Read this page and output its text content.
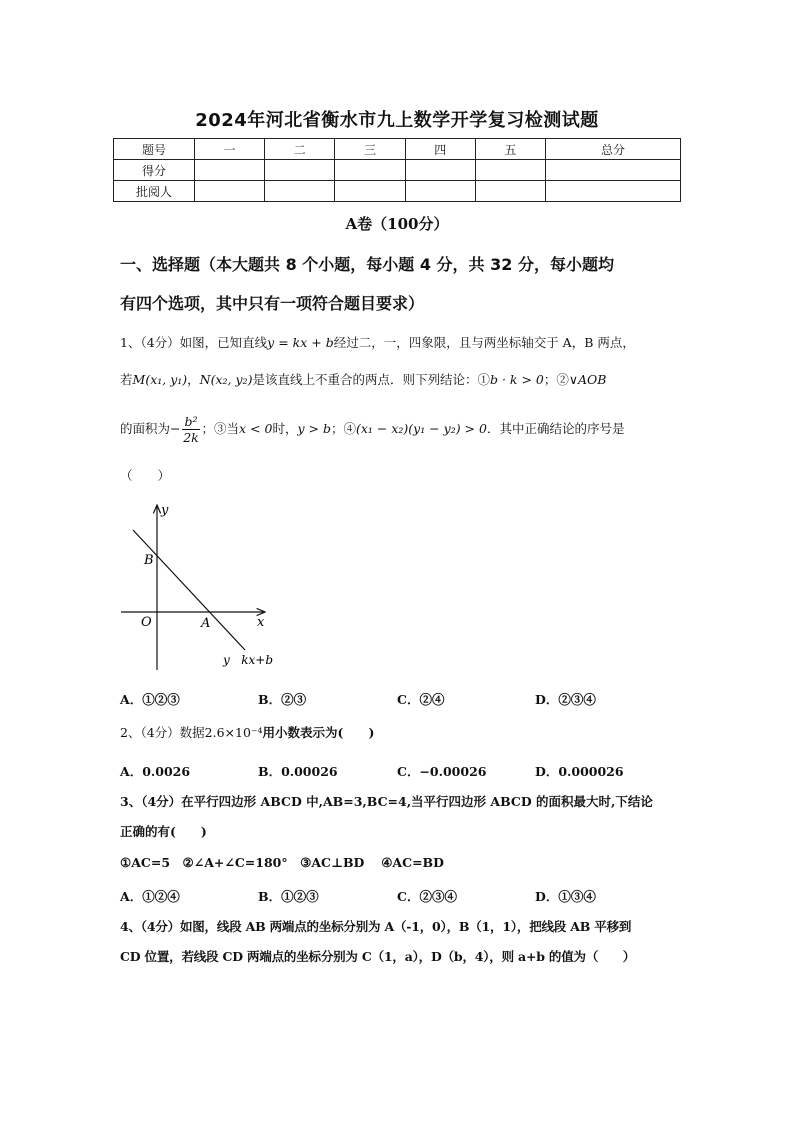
2024年河北省衡水市九上数学开学复习检测试题
题号	一	二	三	四	五	总分
得分						
批阅人						
A卷（100分）
一、选择题（本大题共 8 个小题，每小题 4 分，共 32 分，每小题均
有四个选项，其中只有一项符合题目要求）
1、（4分）如图，已知直线y = kx + b经过二，一，四象限，且与两坐标轴交于 A，B 两点，
若M(x₁, y₁)，N(x₂, y₂)是该直线上不重合的两点．则下列结论：①b · k > 0；②∨AOB
的面积为− $\frac{\text{b²}}{2k}$ ；③当x < 0时，y > b；④(x₁ − x₂)(y₁ − y₂) > 0．其中正确结论的序号是
（　　）
y
x
O	A
B
y   kx+b
A．①②③	B．②③	C．②④	D．②③④
2、（4分）数据2.6×10⁻⁴用小数表示为(　　)
A．0.0026	B．0.00026	C．−0.00026	D．0.000026
3、（4分）在平行四边形 ABCD 中,AB=3,BC=4,当平行四边形 ABCD 的面积最大时,下结论
正确的有(　　)
①AC=5　②∠A+∠C=180°　③AC⊥BD　 ④AC=BD
A．①②④	B．①②③	C．②③④	D．①③④
4、（4分）如图，线段 AB 两端点的坐标分别为 A（-1，0），B（1，1），把线段 AB 平移到
CD 位置，若线段 CD 两端点的坐标分别为 C（1，a），D（b，4），则 a+b 的值为（　　）
